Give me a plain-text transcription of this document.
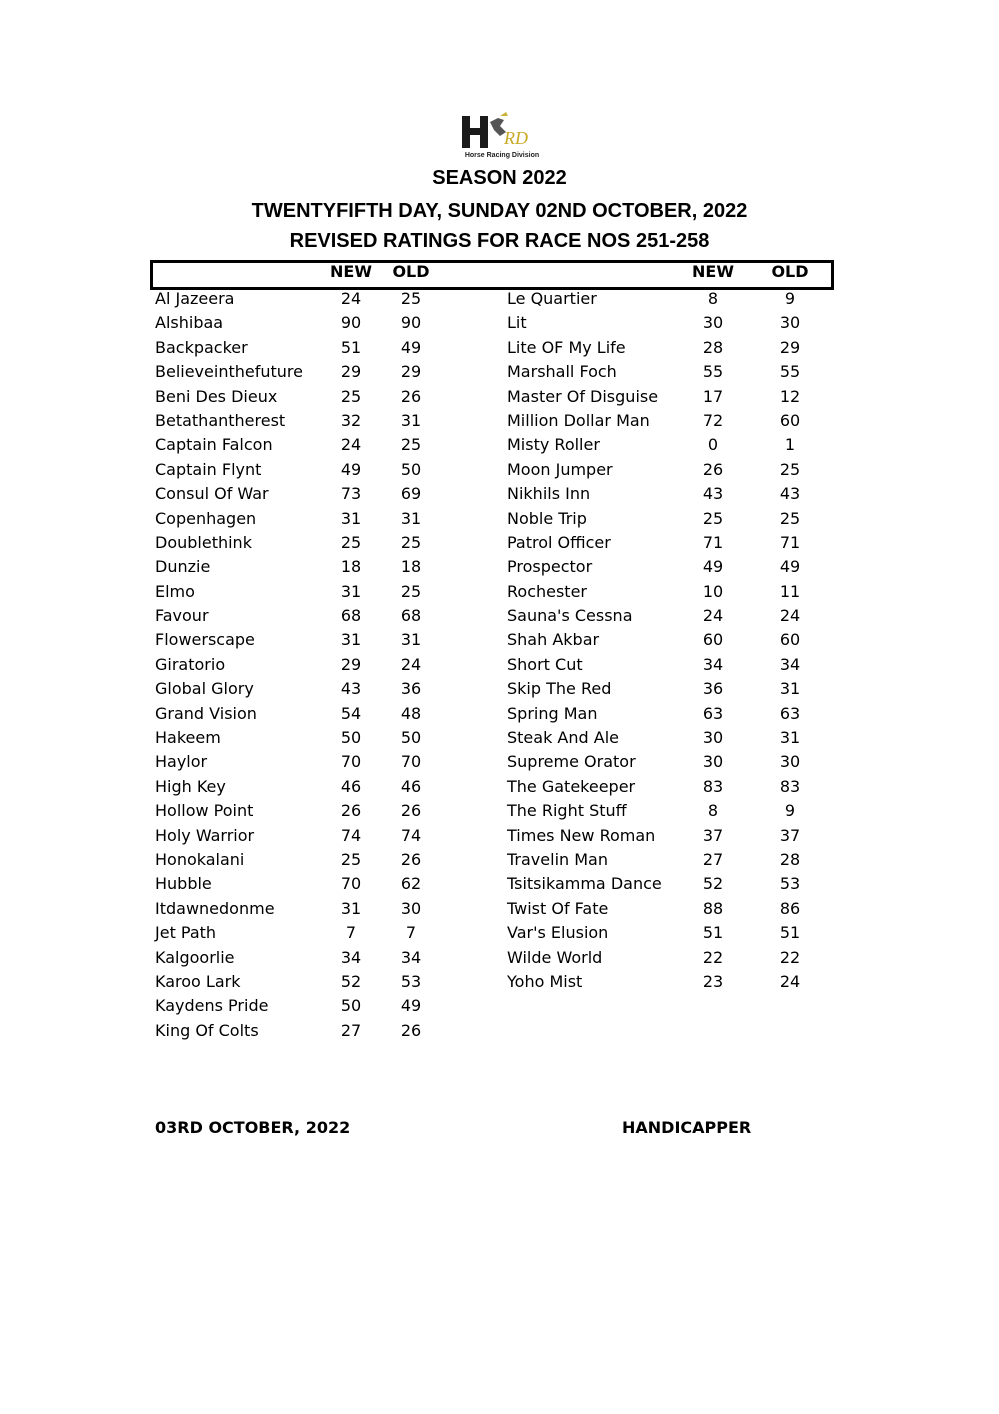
RD
Horse Racing Division
SEASON 2022
TWENTYFIFTH DAY, SUNDAY 02ND OCTOBER, 2022
REVISED RATINGS FOR RACE NOS 251-258
NEW	OLD	NEW	OLD
Al Jazeera	24	25
Alshibaa	90	90
Backpacker	51	49
Believeinthefuture	29	29
Beni Des Dieux	25	26
Betathantherest	32	31
Captain Falcon	24	25
Captain Flynt	49	50
Consul Of War	73	69
Copenhagen	31	31
Doublethink	25	25
Dunzie	18	18
Elmo	31	25
Favour	68	68
Flowerscape	31	31
Giratorio	29	24
Global Glory	43	36
Grand Vision	54	48
Hakeem	50	50
Haylor	70	70
High Key	46	46
Hollow Point	26	26
Holy Warrior	74	74
Honokalani	25	26
Hubble	70	62
Itdawnedonme	31	30
Jet Path	7	7
Kalgoorlie	34	34
Karoo Lark	52	53
Kaydens Pride	50	49
King Of Colts	27	26
Le Quartier	8	9
Lit	30	30
Lite OF My Life	28	29
Marshall Foch	55	55
Master Of Disguise	17	12
Million Dollar Man	72	60
Misty Roller	0	1
Moon Jumper	26	25
Nikhils Inn	43	43
Noble Trip	25	25
Patrol Officer	71	71
Prospector	49	49
Rochester	10	11
Sauna's Cessna	24	24
Shah Akbar	60	60
Short Cut	34	34
Skip The Red	36	31
Spring Man	63	63
Steak And Ale	30	31
Supreme Orator	30	30
The Gatekeeper	83	83
The Right Stuff	8	9
Times New Roman	37	37
Travelin Man	27	28
Tsitsikamma Dance	52	53
Twist Of Fate	88	86
Var's Elusion	51	51
Wilde World	22	22
Yoho Mist	23	24
03RD OCTOBER, 2022	HANDICAPPER
